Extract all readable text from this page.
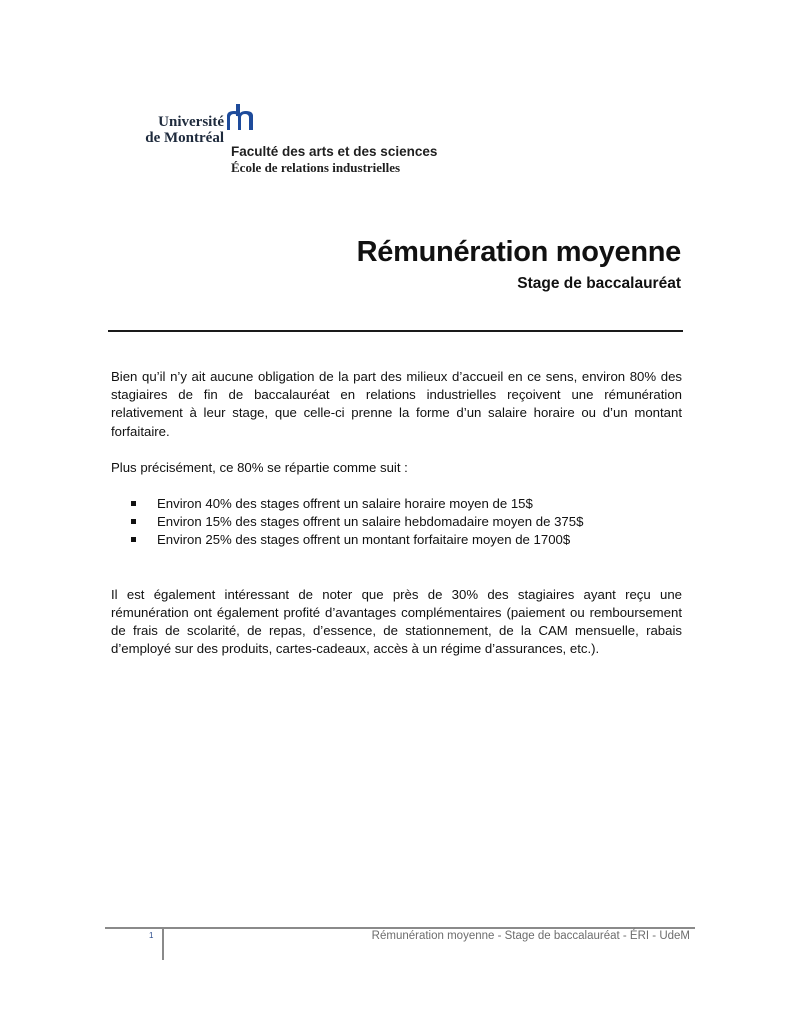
Université
de Montréal
Faculté des arts et des sciences
École de relations industrielles
Rémunération moyenne
Stage de baccalauréat

Bien qu’il n’y ait aucune obligation de la part des milieux d’accueil en ce sens, environ 80% des stagiaires de fin de baccalauréat en relations industrielles reçoivent une rémunération relativement à leur stage, que celle-ci prenne la forme d’un salaire horaire ou d’un montant forfaitaire.

Plus précisément, ce 80% se répartie comme suit :

Environ 40% des stages offrent un salaire horaire moyen de 15$
Environ 15% des stages offrent un salaire hebdomadaire moyen de 375$
Environ 25% des stages offrent un montant forfaitaire moyen de 1700$

Il est également intéressant de noter que près de 30% des stagiaires ayant reçu une rémunération ont également profité d’avantages complémentaires (paiement ou remboursement de frais de scolarité, de repas, d’essence, de stationnement, de la CAM mensuelle, rabais d’employé sur des produits, cartes-cadeaux, accès à un régime d’assurances, etc.).

1	Rémunération moyenne - Stage de baccalauréat - ÉRI - UdeM
